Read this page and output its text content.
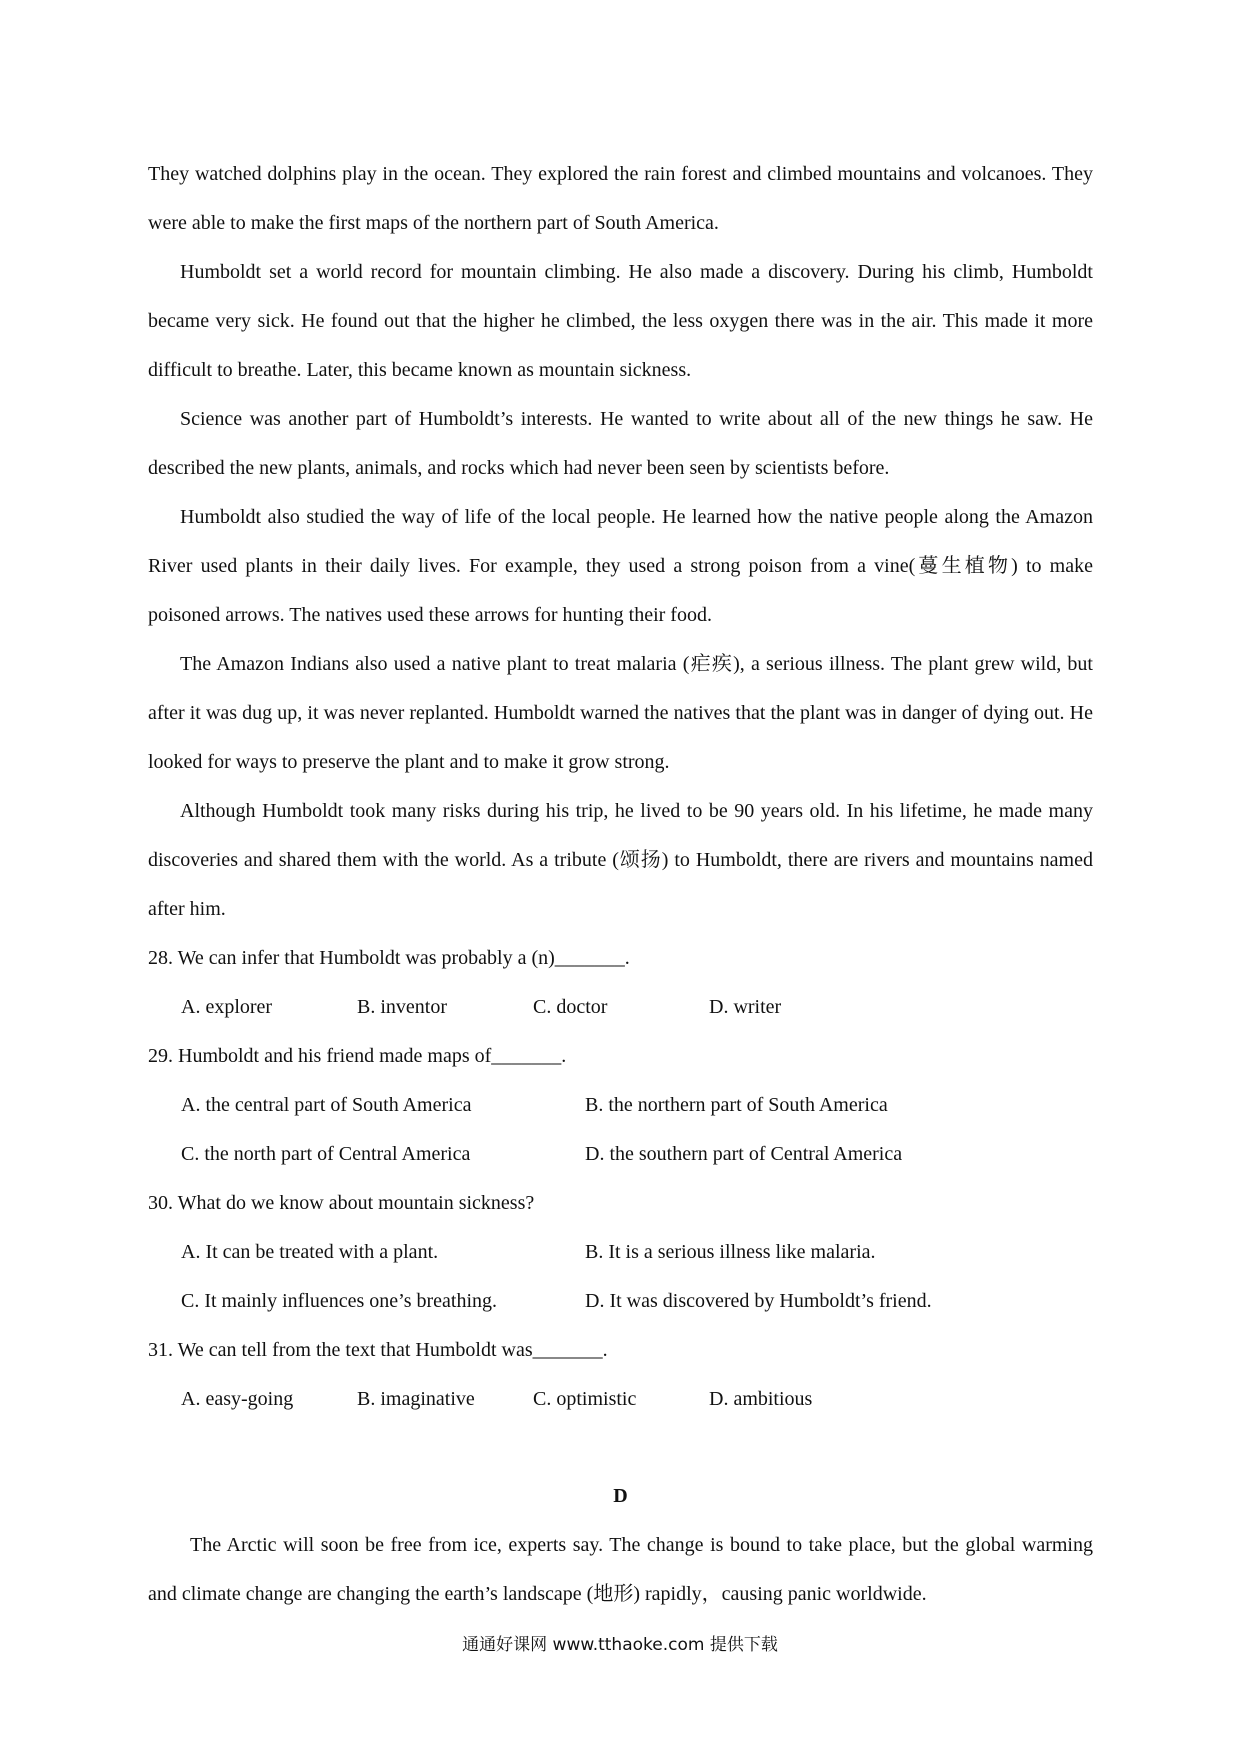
They watched dolphins play in the ocean. They explored the rain forest and climbed mountains and volcanoes. They were able to make the first maps of the northern part of South America.

Humboldt set a world record for mountain climbing. He also made a discovery. During his climb, Humboldt became very sick. He found out that the higher he climbed, the less oxygen there was in the air. This made it more difficult to breathe. Later, this became known as mountain sickness.

Science was another part of Humboldt’s interests. He wanted to write about all of the new things he saw. He described the new plants, animals, and rocks which had never been seen by scientists before.

Humboldt also studied the way of life of the local people. He learned how the native people along the Amazon River used plants in their daily lives. For example, they used a strong poison from a vine(蔓生植物) to make poisoned arrows. The natives used these arrows for hunting their food.

The Amazon Indians also used a native plant to treat malaria (疟疾), a serious illness. The plant grew wild, but after it was dug up, it was never replanted. Humboldt warned the natives that the plant was in danger of dying out. He looked for ways to preserve the plant and to make it grow strong.

Although Humboldt took many risks during his trip, he lived to be 90 years old. In his lifetime, he made many discoveries and shared them with the world. As a tribute (颂扬) to Humboldt, there are rivers and mountains named after him.

28. We can infer that Humboldt was probably a (n)_______.

A. explorer	B. inventor	C. doctor	D. writer

29. Humboldt and his friend made maps of_______.

A. the central part of South America	B. the northern part of South America
C. the north part of Central America	D. the southern part of Central America

30. What do we know about mountain sickness?

A. It can be treated with a plant.	B. It is a serious illness like malaria.
C. It mainly influences one’s breathing.	D. It was discovered by Humboldt’s friend.

31. We can tell from the text that Humboldt was_______.

A. easy-going	B. imaginative	C. optimistic	D. ambitious
D

The Arctic will soon be free from ice, experts say. The change is bound to take place, but the global warming and climate change are changing the earth’s landscape (地形) rapidly，causing panic worldwide.

通通好课网 www.tthaoke.com 提供下载
